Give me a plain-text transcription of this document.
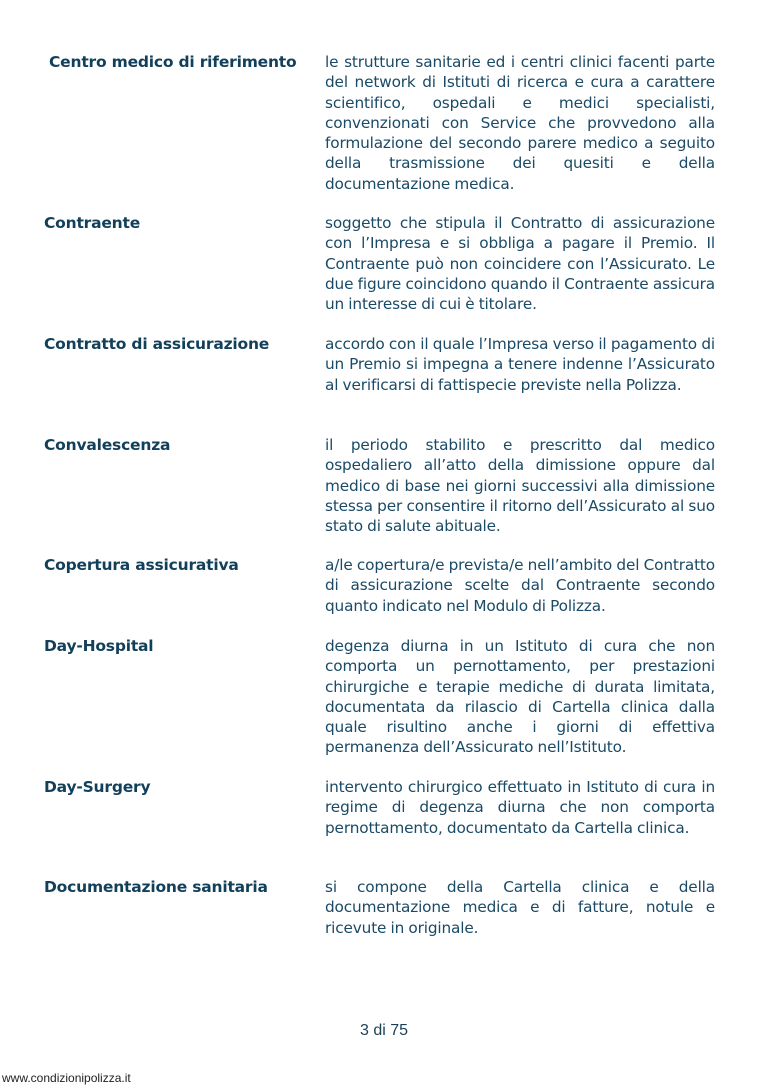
Centro medico di riferimento	le strutture sanitarie ed i centri clinici facenti parte del network di Istituti di ricerca e cura a carattere scientifico, ospedali e medici specialisti, convenzionati con Service che provvedono alla formulazione del secondo parere medico a seguito della trasmissione dei quesiti e della documentazione medica.
Contraente	soggetto che stipula il Contratto di assicurazione con l’Impresa e si obbliga a pagare il Premio. Il Contraente può non coincidere con l’Assicurato. Le due figure coincidono quando il Contraente assicura un interesse di cui è titolare.
Contratto di assicurazione	accordo con il quale l’Impresa verso il pagamento di un Premio si impegna a tenere indenne l’Assicurato al verificarsi di fattispecie previste nella Polizza.
Convalescenza	il periodo stabilito e prescritto dal medico ospedaliero all’atto della dimissione oppure dal medico di base nei giorni successivi alla dimissione stessa per consentire il ritorno dell’Assicurato al suo stato di salute abituale.
Copertura assicurativa	a/le copertura/e prevista/e nell’ambito del Contratto di assicurazione scelte dal Contraente secondo quanto indicato nel Modulo di Polizza.
Day-Hospital	degenza diurna in un Istituto di cura che non comporta un pernottamento, per prestazioni chirurgiche e terapie mediche di durata limitata, documentata da rilascio di Cartella clinica dalla quale risultino anche i giorni di effettiva permanenza dell’Assicurato nell’Istituto.
Day-Surgery	intervento chirurgico effettuato in Istituto di cura in regime di degenza diurna che non comporta pernottamento, documentato da Cartella clinica.
Documentazione sanitaria	si compone della Cartella clinica e della documentazione medica e di fatture, notule e ricevute in originale.
3 di 75
www.condizionipolizza.it
